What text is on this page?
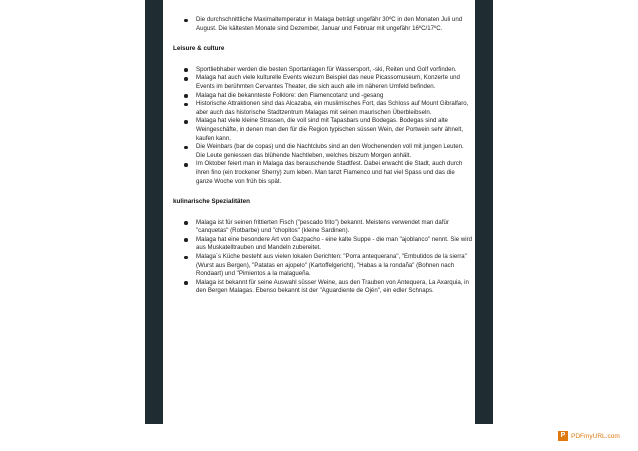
Die durchschnittliche Maximaltemperatur in Malaga beträgt ungefähr 30ºC in den Monaten Juli und August. Die kältesten Monate sind Dezember, Januar und Februar mit ungefähr 16ºC/17ºC.
Leisure & culture
Sportliebhaber werden die besten Sportanlagen für Wassersport, -ski, Reiten und Golf vorfinden.
Malaga hat auch viele kulturelle Events wiezum Beispiel das neue Picassomuseum, Konzerte und Events im berühmten Cervantes Theater, die sich auch alle im näheren Umfeld befinden.
Malaga hat die bekannteste Folklore: den Flamencotanz und -gesang
Historische Attraktionen sind das Alcazaba, ein muslimisches Fort, das Schloss auf Mount Gibralfaro, aber auch das historische Stadtzentrum Malagas mit seinen maurischen Überbleibseln.
Malaga hat viele kleine Strassen, die voll sind mit Tapasbars und Bodegas. Bodegas sind alte Weingeschäfte, in denen man den für die Region typischen süssen Wein, der Portwein sehr ähnelt, kaufen kann.
Die Weinbars (bar de copas) und die Nachtclubs sind an den Wochenenden voll mit jungen Leuten. Die Leute geniessen das blühende Nachtleben, welches biszum Morgen anhält.
Im Oktober feiert man in Malaga das berauschende Stadtfest. Dabei erwacht die Stadt, auch durch ihren fino (ein trockener Sherry) zum leben. Man tanzt Flamenco und hat viel Spass und das die ganze Woche von früh bis spät.
kulinarische Spezialitäten
Malaga ist für seinen frittierten Fisch ("pescado frito") bekannt. Meistens verwendet man dafür "canquetas" (Rotbarbe) und "chopitos" (kleine Sardinen).
Malaga hat eine besondere Art von Gazpacho - eine kalte Suppe - die man "ajoblanco" nennt. Sie wird aus Muskatelltrauben und Mandeln zubereitet.
Malaga´s Küche besteht aus vielen lokalen Gerichten: "Porra antequerana", "Embutidos de la sierra" (Wurst aus Bergen), "Patatas en ajopelo" (Kartoffelgericht), "Habas a la rondaña" (Bohnen nach Rondaart) und "Pimientos a la malagueña.
Malaga ist bekannt für seine Auswahl süsser Weine, aus den Trauben von Antequera, La Axarquia, in den Bergen Malagas. Ebenso bekannt ist der "Aguardiente de Ojén", ein edler Schnaps.
P PDFmyURL.com
